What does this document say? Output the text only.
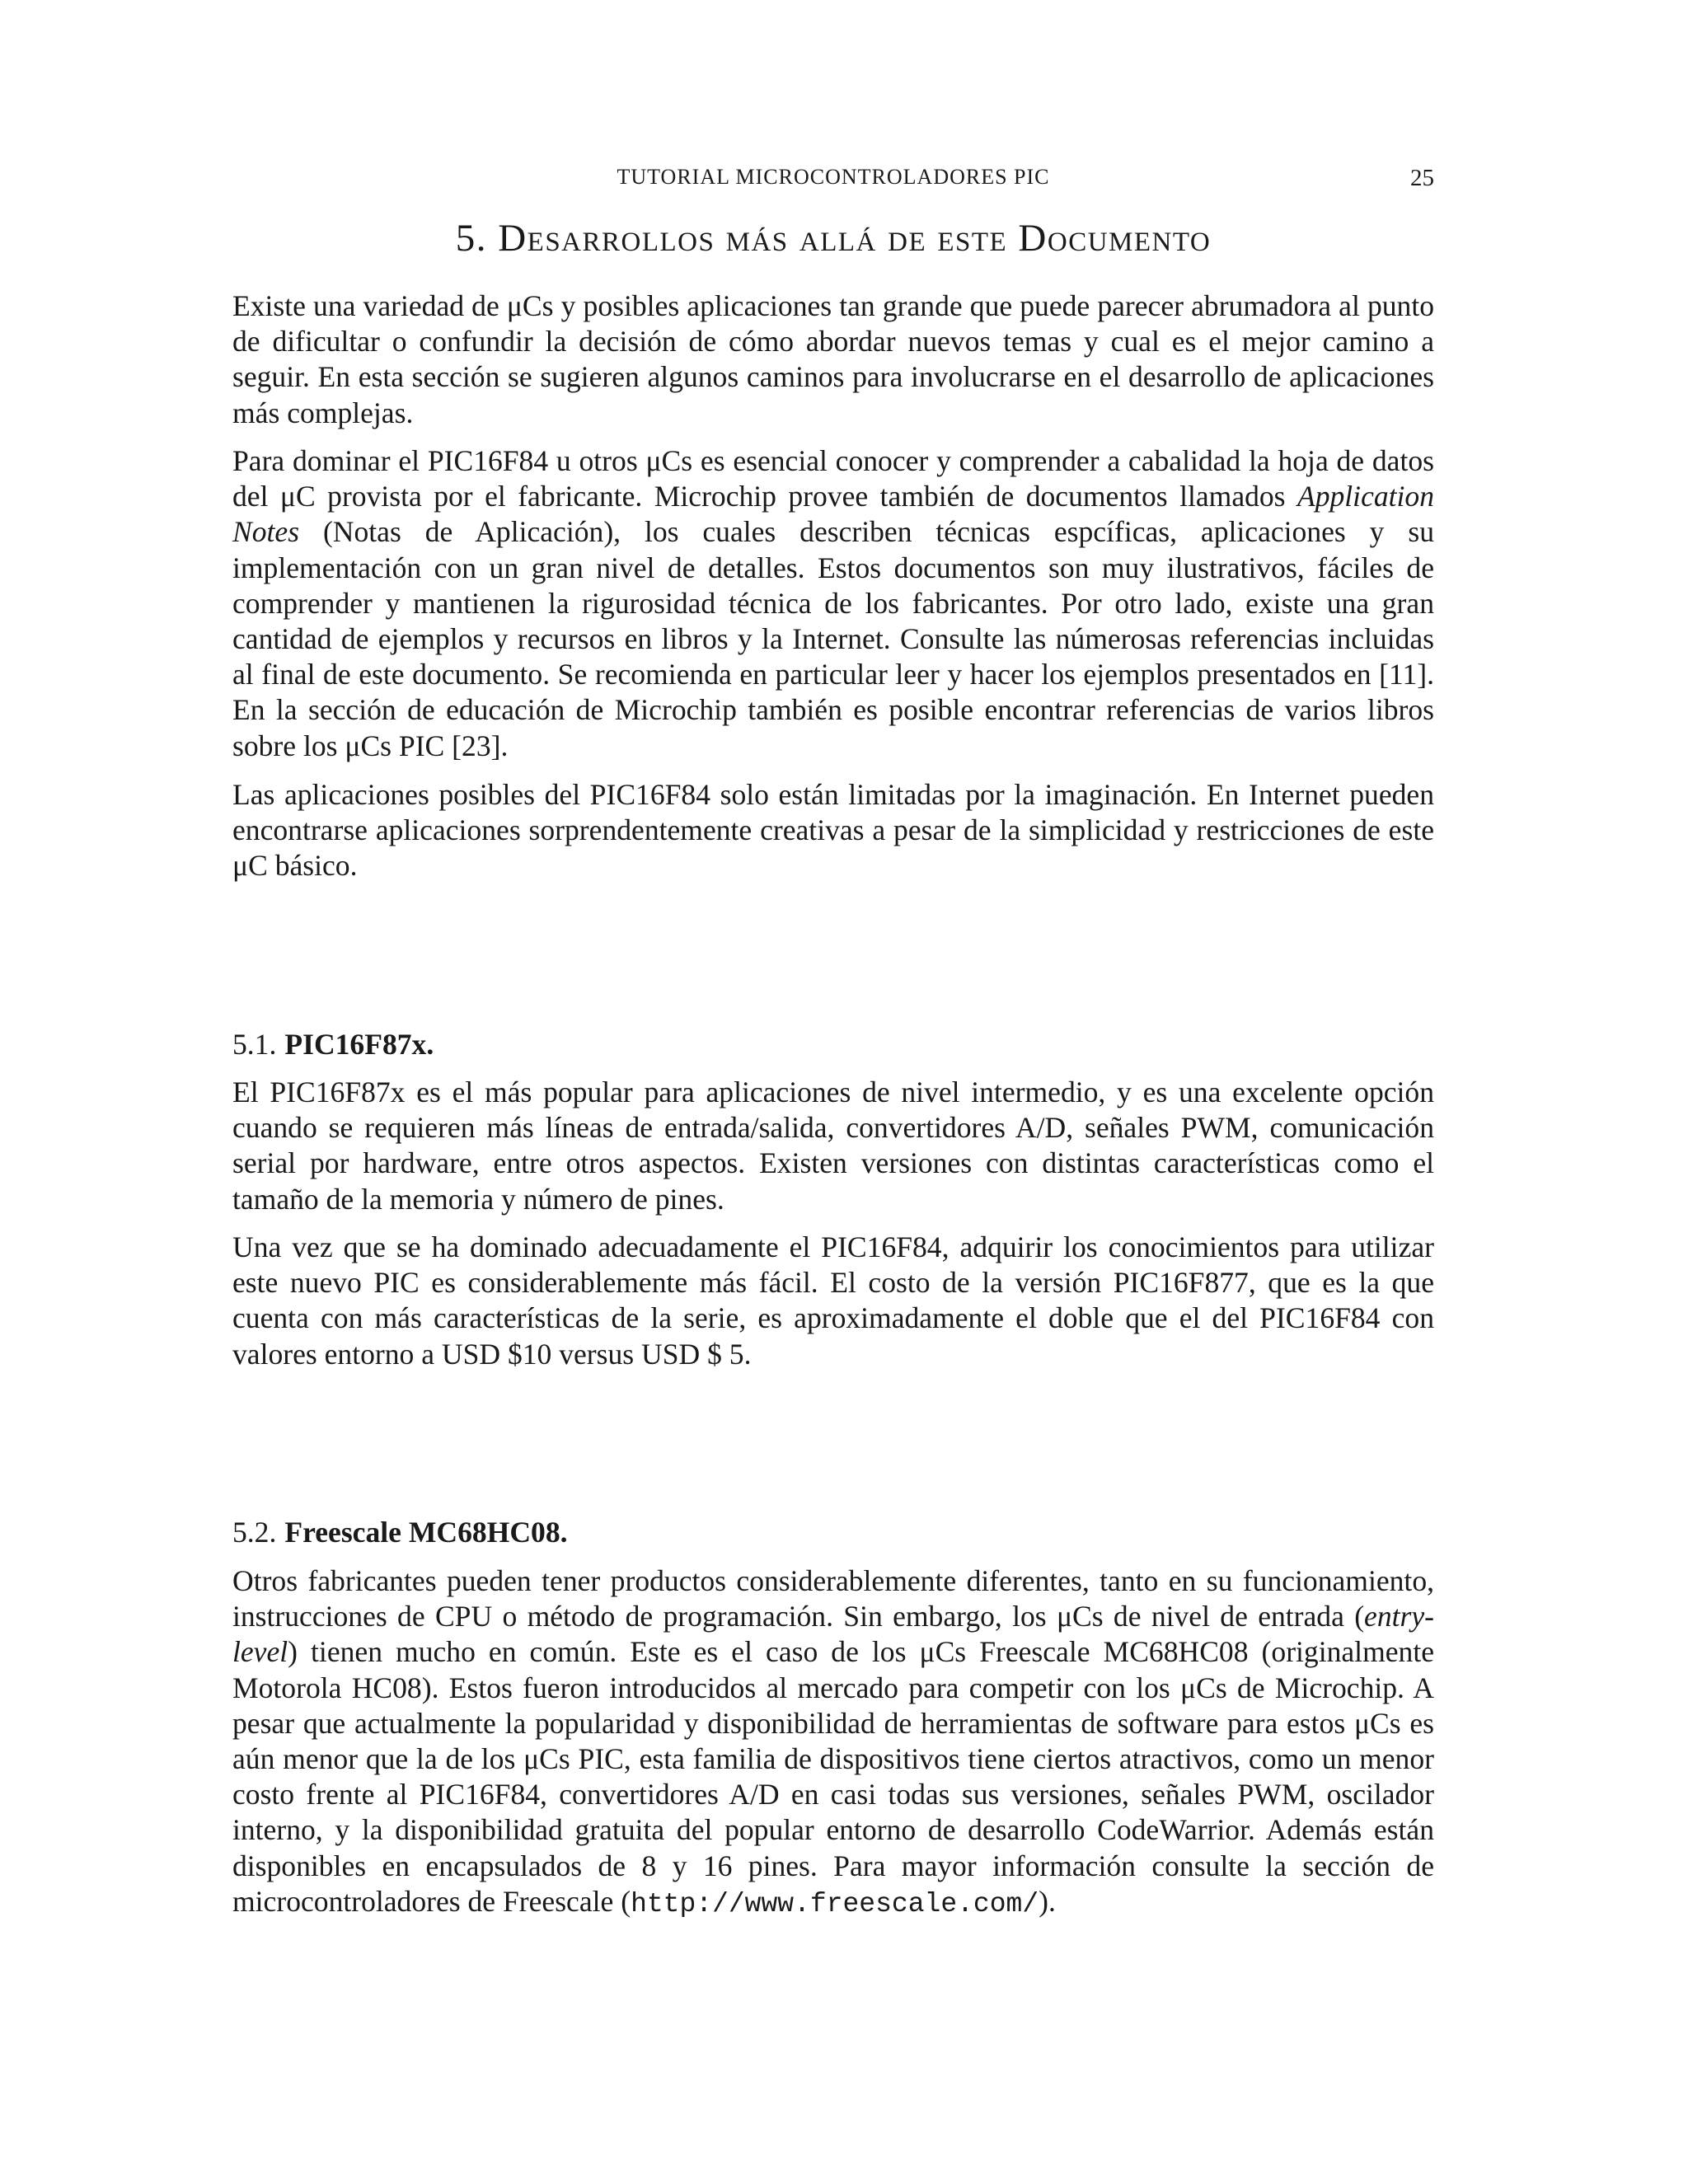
TUTORIAL MICROCONTROLADORES PIC	25
5. Desarrollos más allá de este Documento

Existe una variedad de μCs y posibles aplicaciones tan grande que puede parecer abrumadora al punto de dificultar o confundir la decisión de cómo abordar nuevos temas y cual es el mejor camino a seguir. En esta sección se sugieren algunos caminos para involucrarse en el desarrollo de aplicaciones más complejas.

Para dominar el PIC16F84 u otros μCs es esencial conocer y comprender a cabalidad la hoja de datos del μC provista por el fabricante. Microchip provee también de documentos llamados Application Notes (Notas de Aplicación), los cuales describen técnicas espcíficas, aplicaciones y su implementación con un gran nivel de detalles. Estos documentos son muy ilustrativos, fáciles de comprender y mantienen la rigurosidad técnica de los fabricantes. Por otro lado, existe una gran cantidad de ejemplos y recursos en libros y la Internet. Consulte las númerosas referencias incluidas al final de este documento. Se recomienda en particular leer y hacer los ejemplos presentados en [11]. En la sección de educación de Microchip también es posible encontrar referencias de varios libros sobre los μCs PIC [23].

Las aplicaciones posibles del PIC16F84 solo están limitadas por la imaginación. En Internet pueden encontrarse aplicaciones sorprendentemente creativas a pesar de la simplicidad y restricciones de este μC básico.

5.1. PIC16F87x.

El PIC16F87x es el más popular para aplicaciones de nivel intermedio, y es una excelente opción cuando se requieren más líneas de entrada/salida, convertidores A/D, señales PWM, comunicación serial por hardware, entre otros aspectos. Existen versiones con distintas características como el tamaño de la memoria y número de pines.

Una vez que se ha dominado adecuadamente el PIC16F84, adquirir los conocimientos para utilizar este nuevo PIC es considerablemente más fácil. El costo de la versión PIC16F877, que es la que cuenta con más características de la serie, es aproximadamente el doble que el del PIC16F84 con valores entorno a USD $10 versus USD $ 5.

5.2. Freescale MC68HC08.

Otros fabricantes pueden tener productos considerablemente diferentes, tanto en su funcionamiento, instrucciones de CPU o método de programación. Sin embargo, los μCs de nivel de entrada (entry-level) tienen mucho en común. Este es el caso de los μCs Freescale MC68HC08 (originalmente Motorola HC08). Estos fueron introducidos al mercado para competir con los μCs de Microchip. A pesar que actualmente la popularidad y disponibilidad de herramientas de software para estos μCs es aún menor que la de los μCs PIC, esta familia de dispositivos tiene ciertos atractivos, como un menor costo frente al PIC16F84, convertidores A/D en casi todas sus versiones, señales PWM, oscilador interno, y la disponibilidad gratuita del popular entorno de desarrollo CodeWarrior. Además están disponibles en encapsulados de 8 y 16 pines. Para mayor información consulte la sección de microcontroladores de Freescale (http://www.freescale.com/).
